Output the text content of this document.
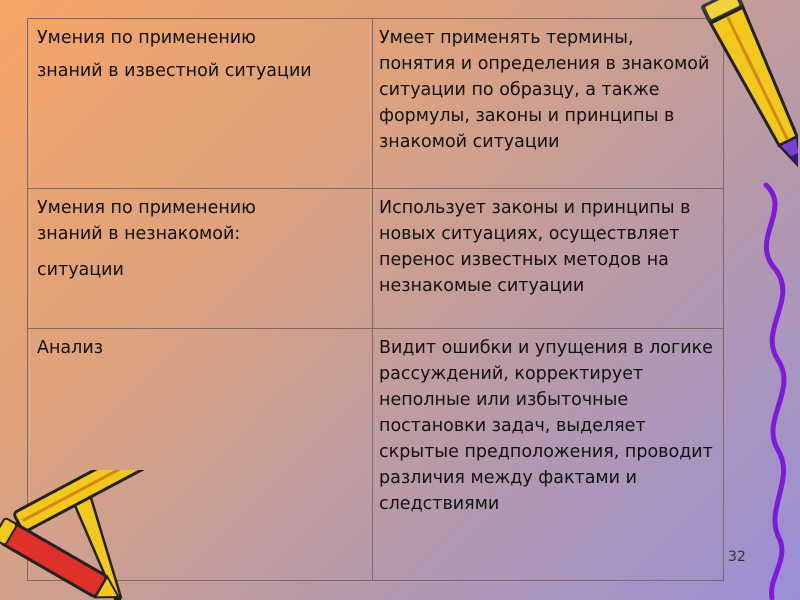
Умения по применению
знаний в известной ситуации	Умеет применять термины, понятия и определения в знакомой ситуации по образцу, а также формулы, законы и принципы в знакомой ситуации

Умения по применению
знаний в незнакомой:
ситуации	Использует законы и принципы в новых ситуациях, осуществляет перенос известных методов на незнакомые ситуации

Анализ	Видит ошибки и упущения в логике рассуждений, корректирует неполные или избыточные постановки задач, выделяет скрытые предположения, проводит различия между фактами и следствиями
32
